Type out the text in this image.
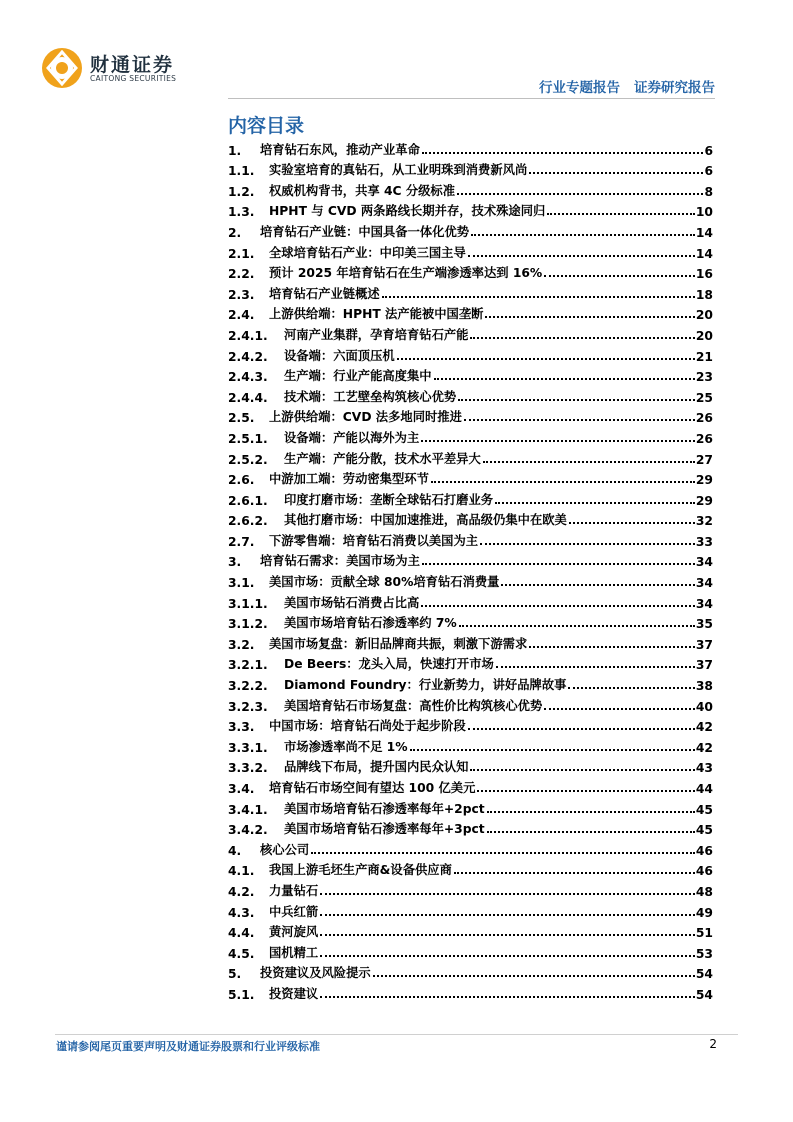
财通证券
CAITONG SECURITIES
行业专题报告 证券研究报告
内容目录
1.	培育钻石东风，推动产业革命	6
1.1.	实验室培育的真钻石，从工业明珠到消费新风尚	6
1.2.	权威机构背书，共享 4C 分级标准	8
1.3.	HPHT 与 CVD 两条路线长期并存，技术殊途同归	10
2.	培育钻石产业链：中国具备一体化优势	14
2.1.	全球培育钻石产业：中印美三国主导	14
2.2.	预计 2025 年培育钻石在生产端渗透率达到 16%	16
2.3.	培育钻石产业链概述	18
2.4.	上游供给端：HPHT 法产能被中国垄断	20
2.4.1.	河南产业集群，孕育培育钻石产能	20
2.4.2.	设备端：六面顶压机	21
2.4.3.	生产端：行业产能高度集中	23
2.4.4.	技术端：工艺壁垒构筑核心优势	25
2.5.	上游供给端：CVD 法多地同时推进	26
2.5.1.	设备端：产能以海外为主	26
2.5.2.	生产端：产能分散，技术水平差异大	27
2.6.	中游加工端：劳动密集型环节	29
2.6.1.	印度打磨市场：垄断全球钻石打磨业务	29
2.6.2.	其他打磨市场：中国加速推进，高品级仍集中在欧美	32
2.7.	下游零售端：培育钻石消费以美国为主	33
3.	培育钻石需求：美国市场为主	34
3.1.	美国市场：贡献全球 80%培育钻石消费量	34
3.1.1.	美国市场钻石消费占比高	34
3.1.2.	美国市场培育钻石渗透率约 7%	35
3.2.	美国市场复盘：新旧品牌商共振，刺激下游需求	37
3.2.1.	De Beers：龙头入局，快速打开市场	37
3.2.2.	Diamond Foundry：行业新势力，讲好品牌故事	38
3.2.3.	美国培育钻石市场复盘：高性价比构筑核心优势	40
3.3.	中国市场：培育钻石尚处于起步阶段	42
3.3.1.	市场渗透率尚不足 1%	42
3.3.2.	品牌线下布局，提升国内民众认知	43
3.4.	培育钻石市场空间有望达 100 亿美元	44
3.4.1.	美国市场培育钻石渗透率每年+2pct	45
3.4.2.	美国市场培育钻石渗透率每年+3pct	45
4.	核心公司	46
4.1.	我国上游毛坯生产商&设备供应商	46
4.2.	力量钻石	48
4.3.	中兵红箭	49
4.4.	黄河旋风	51
4.5.	国机精工	53
5.	投资建议及风险提示	54
5.1.	投资建议	54
谨请参阅尾页重要声明及财通证券股票和行业评级标准	2
